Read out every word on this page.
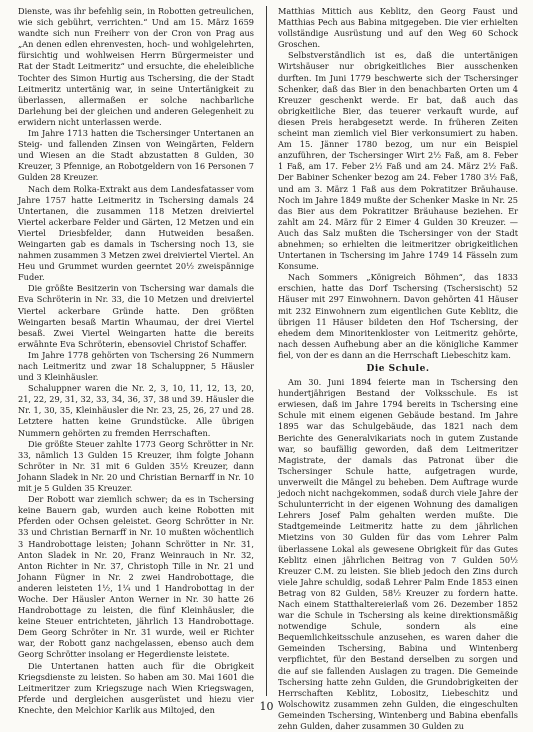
Dienste, was ihr befehlig sein, in Robotten getreulichen, wie sich gebührt, verrichten.“ Und am 15. März 1659 wandte sich nun Freiherr von der Cron von Prag aus „An denen edlen ehrenvesten, hoch- und wohlgelehrten, fürsichtig und wohlweisen Herrn Bürgermeister und Rat der Stadt Leitmeritz“ und ersuchte, die eheleibliche Tochter des Simon Hurtig aus Tschersing, die der Stadt Leitmeritz untertänig war, in seine Untertänigkeit zu überlassen, allermaßen er solche nachbarliche Darlehung bei der gleichen und anderen Gelegenheit zu erwidern nicht unterlassen werde.

Im Jahre 1713 hatten die Tschersinger Untertanen an Steig- und fallenden Zinsen von Weingärten, Feldern und Wiesen an die Stadt abzustatten 8 Gulden, 30 Kreuzer, 3 Pfennige, an Robotgeldern von 16 Personen 7 Gulden 28 Kreuzer.

Nach dem Rolka-Extrakt aus dem Landesfatasser vom Jahre 1757 hatte Leitmeritz in Tschersing damals 24 Untertanen, die zusammen 118 Metzen dreiviertel Viertel ackerbare Felder und Gärten, 12 Metzen und ein Viertel Driesbfelder, dann Hutweiden besaßen. Weingarten gab es damals in Tschersing noch 13, sie nahmen zusammen 3 Metzen zwei dreiviertel Viertel. An Heu und Grummet wurden geerntet 20½ zweispännige Fuder.

Die größte Besitzerin von Tschersing war damals die Eva Schröterin in Nr. 33, die 10 Metzen und dreiviertel Viertel ackerbare Gründe hatte. Den größten Weingarten besaß Martin Whaumau, der drei Viertel besaß. Zwei Viertel Weingarten hatte die bereits erwähnte Eva Schröterin, ebensoviel Christof Schaffer.

Im Jahre 1778 gehörten von Tschersing 26 Nummern nach Leitmeritz und zwar 18 Schaluppner, 5 Häusler und 3 Kleinhäusler.

Schaluppner waren die Nr. 2, 3, 10, 11, 12, 13, 20, 21, 22, 29, 31, 32, 33, 34, 36, 37, 38 und 39. Häusler die Nr. 1, 30, 35, Kleinhäusler die Nr. 23, 25, 26, 27 und 28. Letztere hatten keine Grundstücke. Alle übrigen Nummern gehörten zu fremden Herrschaften.

Die größte Steuer zahlte 1773 Georg Schrötter in Nr. 33, nämlich 13 Gulden 15 Kreuzer, ihm folgte Johann Schröter in Nr. 31 mit 6 Gulden 35½ Kreuzer, dann Johann Sladek in Nr. 20 und Christian Bernarff in Nr. 10 mit je 5 Gulden 35 Kreuzer.

Der Robott war ziemlich schwer; da es in Tschersing keine Bauern gab, wurden auch keine Robotten mit Pferden oder Ochsen geleistet. Georg Schrötter in Nr. 33 und Christian Bernarff in Nr. 10 mußten wöchentlich 3 Handrobottage leisten; Johann Schrötter in Nr. 31, Anton Sladek in Nr. 20, Franz Weinrauch in Nr. 32, Anton Richter in Nr. 37, Christoph Tille in Nr. 21 und Johann Fügner in Nr. 2 zwei Handrobottage, die anderen leisteten 1½, 1¼ und 1 Handrobottag in der Woche. Der Häusler Anton Werner in Nr. 30 hatte 26 Handrobottage zu leisten, die fünf Kleinhäusler, die keine Steuer entrichteten, jährlich 13 Handrobottage. Dem Georg Schröter in Nr. 31 wurde, weil er Richter war, der Robott ganz nachgelassen, ebenso auch dem Georg Schrötter insolang er Hegerdienste leistete.

Die Untertanen hatten auch für die Obrigkeit Kriegsdienste zu leisten. So haben am 30. Mai 1601 die Leitmeritzer zum Kriegszuge nach Wien Kriegswagen, Pferde und dergleichen ausgerüstet und hiezu vier Knechte, den Melchior Karlik aus Miltojed, den

Matthias Mittich aus Keblitz, den Georg Faust und Matthias Pech aus Babina mitgegeben. Die vier erhielten vollständige Ausrüstung und auf den Weg 60 Schock Groschen.

Selbstverständlich ist es, daß die untertänigen Wirtshäuser nur obrigkeitliches Bier ausschenken durften. Im Juni 1779 beschwerte sich der Tschersinger Schenker, daß das Bier in den benachbarten Orten um 4 Kreuzer geschenkt werde. Er bat, daß auch das obrigkeitliche Bier, das teuerer verkauft wurde, auf diesen Preis herabgesetzt werde. In früheren Zeiten scheint man ziemlich viel Bier verkonsumiert zu haben. Am 15. Jänner 1780 bezog, um nur ein Beispiel anzuführen, der Tschersinger Wirt 2½ Faß, am 8. Feber 1 Faß, am 17. Feber 2½ Faß und am 24. März 2½ Faß. Der Babiner Schenker bezog am 24. Feber 1780 3½ Faß, und am 3. März 1 Faß aus dem Pokratitzer Bräuhause. Noch im Jahre 1849 mußte der Schenker Maske in Nr. 25 das Bier aus dem Pokratitzer Bräuhause beziehen. Er zahlt am 24. März für 2 Eimer 4 Gulden 30 Kreuzer. — Auch das Salz mußten die Tschersinger von der Stadt abnehmen; so erhielten die leitmeritzer obrigkeitlichen Untertanen in Tschersing im Jahre 1749 14 Fässeln zum Konsume.

Nach Sommers „Königreich Böhmen“, das 1833 erschien, hatte das Dorf Tschersing (Tschersischt) 52 Häuser mit 297 Einwohnern. Davon gehörten 41 Häuser mit 232 Einwohnern zum eigentlichen Gute Keblitz, die übrigen 11 Häuser bildeten den Hof Tschersing, der ehedem dem Minoritenkloster von Leitmeritz gehörte, nach dessen Aufhebung aber an die königliche Kammer fiel, von der es dann an die Herrschaft Liebeschitz kam.

Die Schule.

Am 30. Juni 1894 feierte man in Tschersing den hundertjährigen Bestand der Volksschule. Es ist erwiesen, daß im Jahre 1794 bereits in Tschersing eine Schule mit einem eigenen Gebäude bestand. Im Jahre 1895 war das Schulgebäude, das 1821 nach dem Berichte des Generalvikariats noch in gutem Zustande war, so baufällig geworden, daß dem Leitmeritzer Magistrate, der damals das Patronat über die Tschersinger Schule hatte, aufgetragen wurde, unverweilt die Mängel zu beheben. Dem Auftrage wurde jedoch nicht nachgekommen, sodaß durch viele Jahre der Schulunterricht in der eigenen Wohnung des damaligen Lehrers Josef Palm gehalten werden mußte. Die Stadtgemeinde Leitmeritz hatte zu dem jährlichen Mietzins von 30 Gulden für das vom Lehrer Palm überlassene Lokal als gewesene Obrigkeit für das Gutes Keblitz einen jährlichen Beitrag von 7 Gulden 50½ Kreuzer C.M. zu leisten. Sie blieb jedoch den Zins durch viele Jahre schuldig, sodaß Lehrer Palm Ende 1853 einen Betrag von 82 Gulden, 58½ Kreuzer zu fordern hatte. Nach einem Statthaltereierlaß vom 26. Dezember 1852 war die Schule in Tschersing als keine direktionsmäßig notwendige Schule, sondern als eine Bequemlichkeitsschule anzusehen, es waren daher die Gemeinden Tschersing, Babina und Wintenberg verpflichtet, für den Bestand derselben zu sorgen und die auf sie fallenden Auslagen zu tragen. Die Gemeinde Tschersing hatte zehn Gulden, die Grundobrigkeiten der Herrschaften Keblitz, Lobositz, Liebeschitz und Wolschowitz zusammen zehn Gulden, die eingeschulten Gemeinden Tschersing, Wintenberg und Babina ebenfalls zehn Gulden, daher zusammen 30 Gulden zu

10
